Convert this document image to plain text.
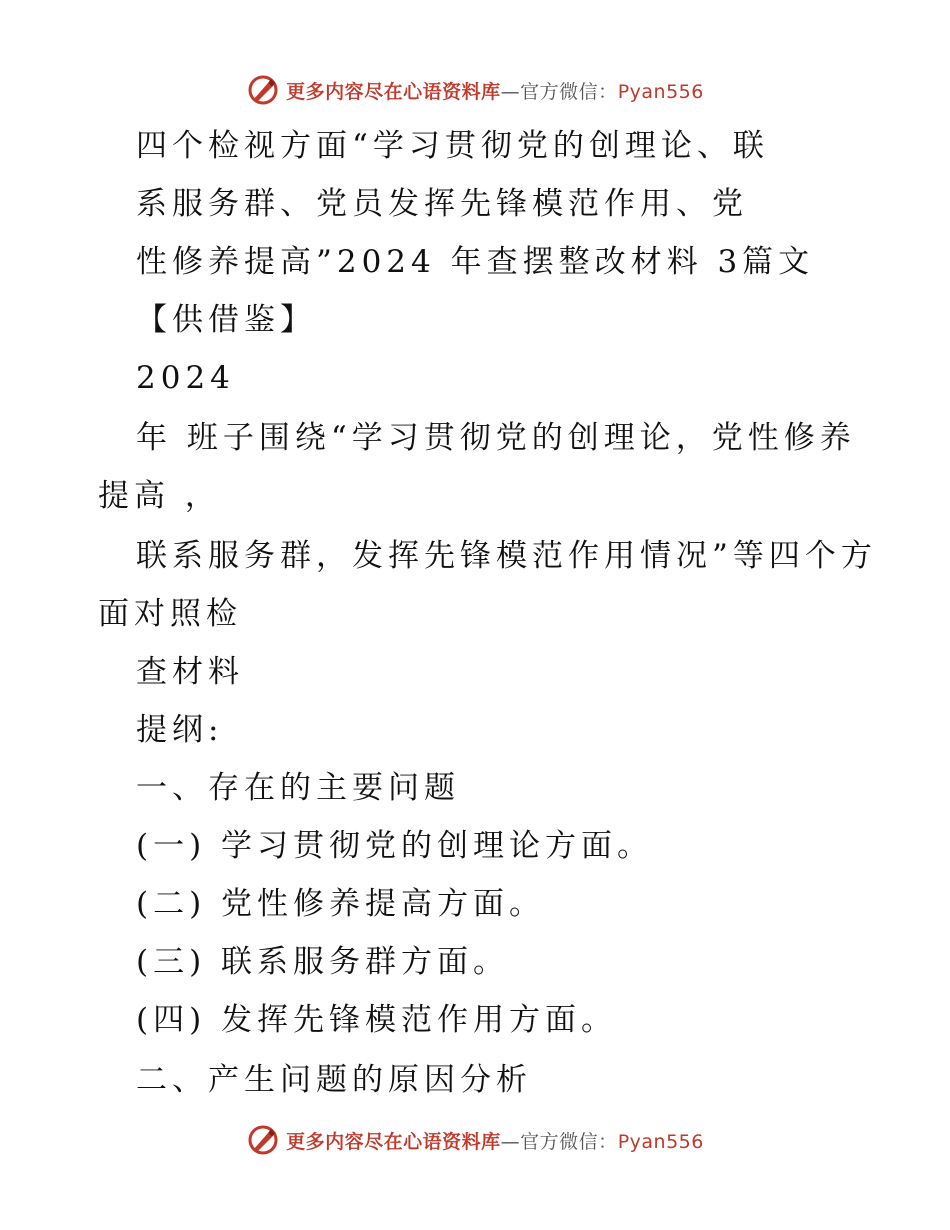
更多内容尽在心语资料库—官方微信：Pyan556
四个检视方面“学习贯彻党的创理论、联
系服务群、党员发挥先锋模范作用、党
性修养提高”2024 年查摆整改材料 3篇文
【供借鉴】
2024
年 班子围绕“学习贯彻党的创理论，党性修养
提高 ，
联系服务群，发挥先锋模范作用情况”等四个方
面对照检
查材料
提纲:
一、存在的主要问题
(一) 学习贯彻党的创理论方面。
(二) 党性修养提高方面。
(三) 联系服务群方面。
(四) 发挥先锋模范作用方面。
二、产生问题的原因分析
更多内容尽在心语资料库—官方微信：Pyan556
